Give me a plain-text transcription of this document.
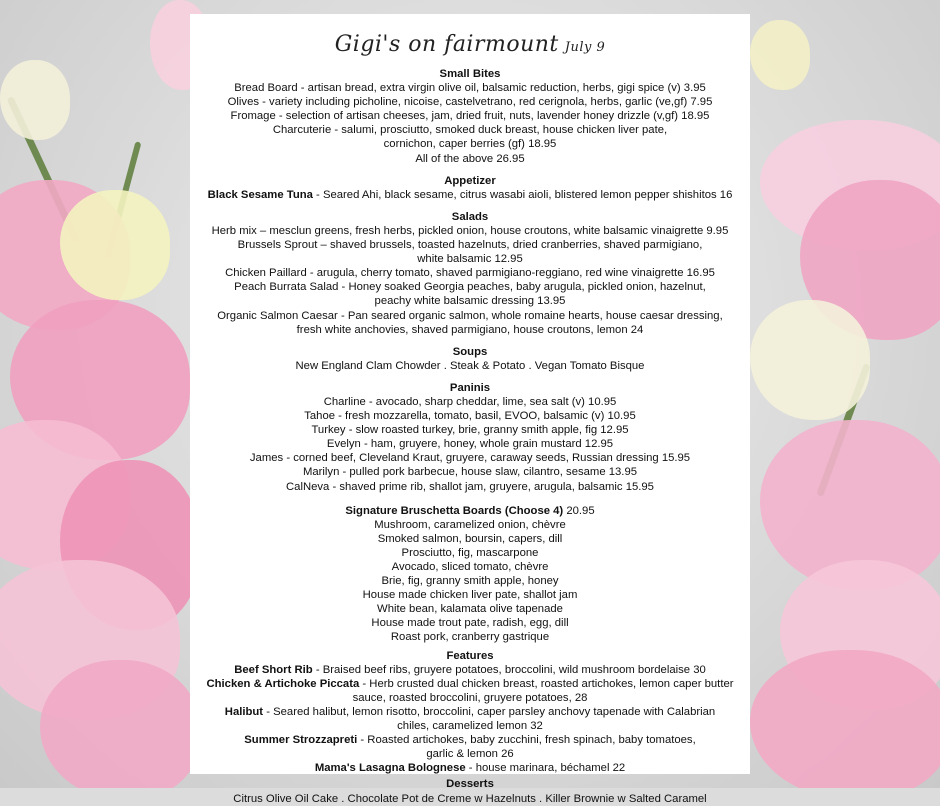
Gigi's on fairmount July 9
Small Bites
Bread Board - artisan bread, extra virgin olive oil, balsamic reduction, herbs, gigi spice (v) 3.95
Olives - variety including picholine, nicoise, castelvetrano, red cerignola, herbs, garlic (ve,gf) 7.95
Fromage - selection of artisan cheeses, jam, dried fruit, nuts, lavender honey drizzle (v,gf) 18.95
Charcuterie - salumi, prosciutto, smoked duck breast, house chicken liver pate,
cornichon, caper berries (gf) 18.95
All of the above 26.95
Appetizer
Black Sesame Tuna - Seared Ahi, black sesame, citrus wasabi aioli, blistered lemon pepper shishitos 16
Salads
Herb mix – mesclun greens, fresh herbs, pickled onion, house croutons, white balsamic vinaigrette 9.95
Brussels Sprout – shaved brussels, toasted hazelnuts, dried cranberries, shaved parmigiano,
white balsamic 12.95
Chicken Paillard - arugula, cherry tomato, shaved parmigiano-reggiano, red wine vinaigrette 16.95
Peach Burrata Salad - Honey soaked Georgia peaches, baby arugula, pickled onion, hazelnut,
peachy white balsamic dressing 13.95
Organic Salmon Caesar - Pan seared organic salmon, whole romaine hearts, house caesar dressing,
fresh white anchovies, shaved parmigiano, house croutons, lemon 24
Soups
New England Clam Chowder . Steak & Potato . Vegan Tomato Bisque
Paninis
Charline - avocado, sharp cheddar, lime, sea salt (v) 10.95
Tahoe - fresh mozzarella, tomato, basil, EVOO, balsamic (v) 10.95
Turkey - slow roasted turkey, brie, granny smith apple, fig 12.95
Evelyn - ham, gruyere, honey, whole grain mustard 12.95
James - corned beef, Cleveland Kraut, gruyere, caraway seeds, Russian dressing 15.95
Marilyn - pulled pork barbecue, house slaw, cilantro, sesame 13.95
CalNeva - shaved prime rib, shallot jam, gruyere, arugula, balsamic 15.95
Signature Bruschetta Boards (Choose 4) 20.95
Mushroom, caramelized onion, chèvre
Smoked salmon, boursin, capers, dill
Prosciutto, fig, mascarpone
Avocado, sliced tomato, chèvre
Brie, fig, granny smith apple, honey
House made chicken liver pate, shallot jam
White bean, kalamata olive tapenade
House made trout pate, radish, egg, dill
Roast pork, cranberry gastrique
Features
Beef Short Rib - Braised beef ribs, gruyere potatoes, broccolini, wild mushroom bordelaise 30
Chicken & Artichoke Piccata - Herb crusted dual chicken breast, roasted artichokes, lemon caper butter
sauce, roasted broccolini, gruyere potatoes, 28
Halibut - Seared halibut, lemon risotto, broccolini, caper parsley anchovy tapenade with Calabrian
chiles, caramelized lemon 32
Summer Strozzapreti - Roasted artichokes, baby zucchini, fresh spinach, baby tomatoes,
garlic & lemon 26
Mama's Lasagna Bolognese - house marinara, béchamel 22
Desserts
Citrus Olive Oil Cake . Chocolate Pot de Creme w Hazelnuts . Killer Brownie w Salted Caramel
